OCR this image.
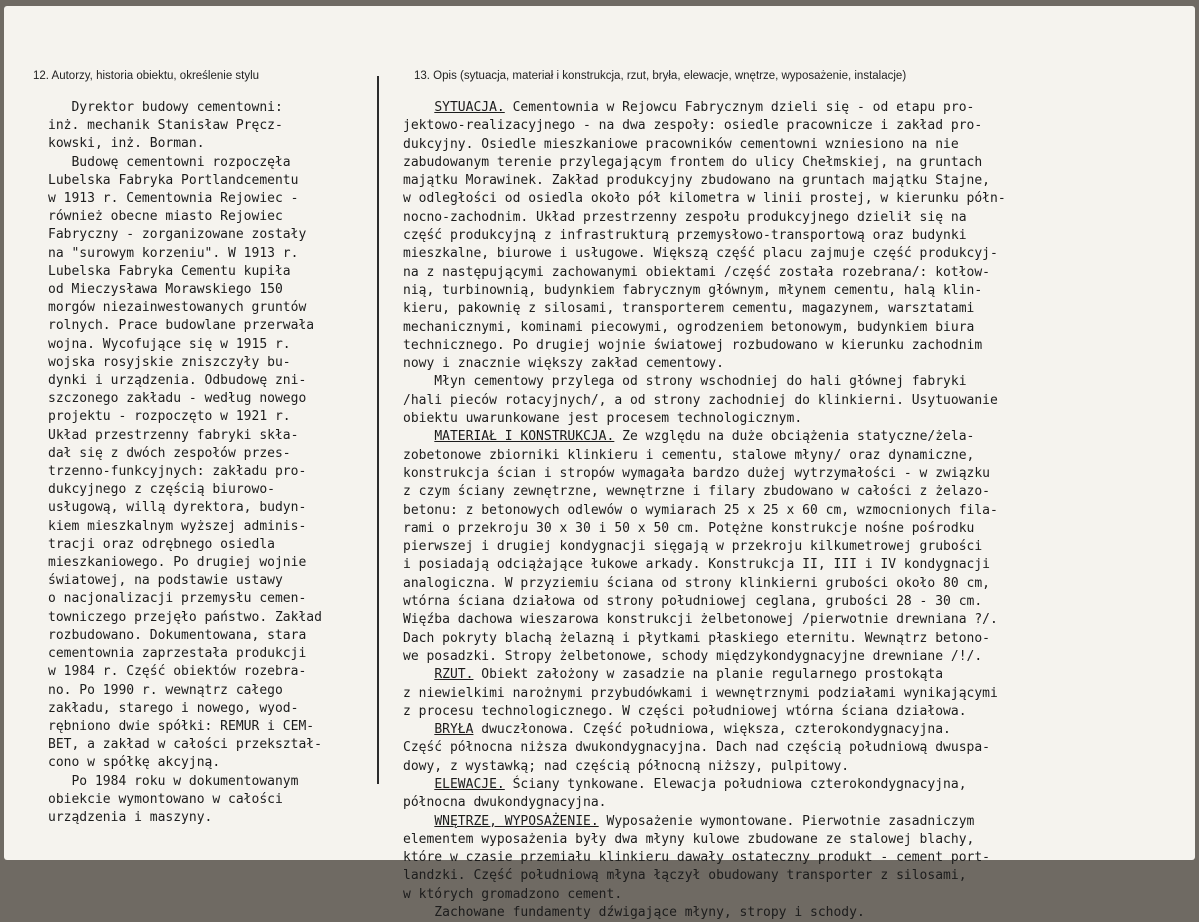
12. Autorzy, historia obiektu, określenie stylu	13. Opis (sytuacja, materiał i konstrukcja, rzut, bryła, elewacje, wnętrze, wyposażenie, instalacje)

Dyrektor budowy cementowni:
inż. mechanik Stanisław Pręcz-
kowski, inż. Borman.
Budowę cementowni rozpoczęła
Lubelska Fabryka Portlandcementu
w 1913 r. Cementownia Rejowiec -
również obecne miasto Rejowiec
Fabryczny - zorganizowane zostały
na "surowym korzeniu". W 1913 r.
Lubelska Fabryka Cementu kupiła
od Mieczysława Morawskiego 150
morgów niezainwestowanych gruntów
rolnych. Prace budowlane przerwała
wojna. Wycofujące się w 1915 r.
wojska rosyjskie zniszczyły bu-
dynki i urządzenia. Odbudowę zni-
szczonego zakładu - według nowego
projektu - rozpoczęto w 1921 r.
Układ przestrzenny fabryki skła-
dał się z dwóch zespołów przes-
trzenno-funkcyjnych: zakładu pro-
dukcyjnego z częścią biurowo-
usługową, willą dyrektora, budyn-
kiem mieszkalnym wyższej adminis-
tracji oraz odrębnego osiedla
mieszkaniowego. Po drugiej wojnie
światowej, na podstawie ustawy
o nacjonalizacji przemysłu cemen-
towniczego przejęło państwo. Zakład
rozbudowano. Dokumentowana, stara
cementownia zaprzestała produkcji
w 1984 r. Część obiektów rozebra-
no. Po 1990 r. wewnątrz całego
zakładu, starego i nowego, wyod-
rębniono dwie spółki: REMUR i CEM-
BET, a zakład w całości przekształ-
cono w spółkę akcyjną.
Po 1984 roku w dokumentowanym
obiekcie wymontowano w całości
urządzenia i maszyny.
SYTUACJA. Cementownia w Rejowcu Fabrycznym dzieli się - od etapu pro-
jektowo-realizacyjnego - na dwa zespoły: osiedle pracownicze i zakład pro-
dukcyjny. Osiedle mieszkaniowe pracowników cementowni wzniesiono na nie
zabudowanym terenie przylegającym frontem do ulicy Chełmskiej, na gruntach
majątku Morawinek. Zakład produkcyjny zbudowano na gruntach majątku Stajne,
w odległości od osiedla około pół kilometra w linii prostej, w kierunku półn-
nocno-zachodnim. Układ przestrzenny zespołu produkcyjnego dzielił się na
część produkcyjną z infrastrukturą przemysłowo-transportową oraz budynki
mieszkalne, biurowe i usługowe. Większą część placu zajmuje część produkcyj-
na z następującymi zachowanymi obiektami /część została rozebrana/: kotłow-
nią, turbinownią, budynkiem fabrycznym głównym, młynem cementu, halą klin-
kieru, pakownię z silosami, transporterem cementu, magazynem, warsztatami
mechanicznymi, kominami piecowymi, ogrodzeniem betonowym, budynkiem biura
technicznego. Po drugiej wojnie światowej rozbudowano w kierunku zachodnim
nowy i znacznie większy zakład cementowy.
Młyn cementowy przylega od strony wschodniej do hali głównej fabryki
/hali pieców rotacyjnych/, a od strony zachodniej do klinkierni. Usytuowanie
obiektu uwarunkowane jest procesem technologicznym.
MATERIAŁ I KONSTRUKCJA. Ze względu na duże obciążenia statyczne/żela-
zobetonowe zbiorniki klinkieru i cementu, stalowe młyny/ oraz dynamiczne,
konstrukcja ścian i stropów wymagała bardzo dużej wytrzymałości - w związku
z czym ściany zewnętrzne, wewnętrzne i filary zbudowano w całości z żelazo-
betonu: z betonowych odlewów o wymiarach 25 x 25 x 60 cm, wzmocnionych fila-
rami o przekroju 30 x 30 i 50 x 50 cm. Potężne konstrukcje nośne pośrodku
pierwszej i drugiej kondygnacji sięgają w przekroju kilkumetrowej grubości
i posiadają odciążające łukowe arkady. Konstrukcja II, III i IV kondygnacji
analogiczna. W przyziemiu ściana od strony klinkierni grubości około 80 cm,
wtórna ściana działowa od strony południowej ceglana, grubości 28 - 30 cm.
Więźba dachowa wieszarowa konstrukcji żelbetonowej /pierwotnie drewniana ?/.
Dach pokryty blachą żelazną i płytkami płaskiego eternitu. Wewnątrz betono-
we posadzki. Stropy żelbetonowe, schody międzykondygnacyjne drewniane /!/.
RZUT. Obiekt założony w zasadzie na planie regularnego prostokąta
z niewielkimi narożnymi przybudówkami i wewnętrznymi podziałami wynikającymi
z procesu technologicznego. W części południowej wtórna ściana działowa.
BRYŁA dwuczłonowa. Część południowa, większa, czterokondygnacyjna.
Część północna niższa dwukondygnacyjna. Dach nad częścią południową dwuspa-
dowy, z wystawką; nad częścią północną niższy, pulpitowy.
ELEWACJE. Ściany tynkowane. Elewacja południowa czterokondygnacyjna,
północna dwukondygnacyjna.
WNĘTRZE, WYPOSAŻENIE. Wyposażenie wymontowane. Pierwotnie zasadniczym
elementem wyposażenia były dwa młyny kulowe zbudowane ze stalowej blachy,
które w czasie przemiału klinkieru dawały ostateczny produkt - cement port-
landzki. Część południową młyna łączył obudowany transporter z silosami,
w których gromadzono cement.
Zachowane fundamenty dźwigające młyny, stropy i schody.
